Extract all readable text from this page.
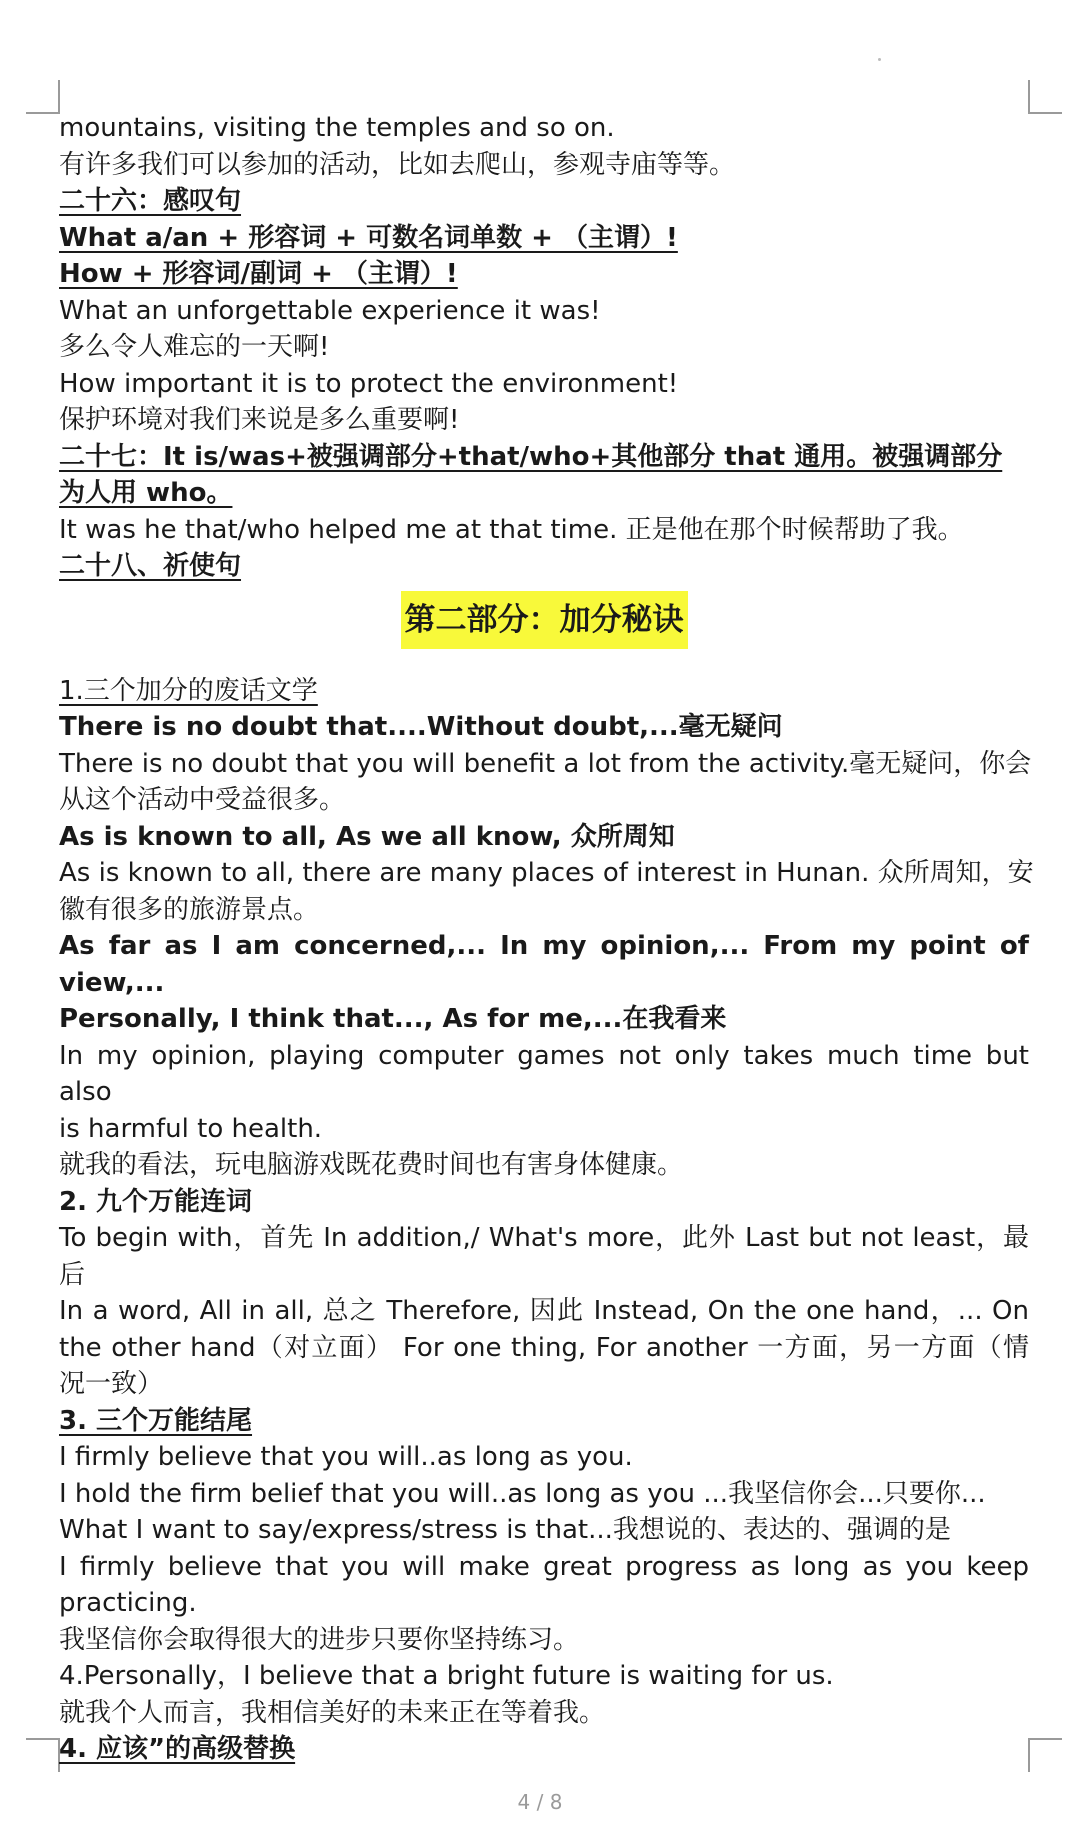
mountains, visiting the temples and so on.
有许多我们可以参加的活动，比如去爬山，参观寺庙等等。
二十六：感叹句
What a/an + 形容词 + 可数名词单数 + （主谓）!
How + 形容词/副词 + （主谓）!
What an unforgettable experience it was!
多么令人难忘的一天啊!
How important it is to protect the environment!
保护环境对我们来说是多么重要啊!
二十七：It is/was+被强调部分+that/who+其他部分 that 通用。被强调部分
为人用 who。
It was he that/who helped me at that time. 正是他在那个时候帮助了我。
二十八、祈使句
第二部分：加分秘诀
1.三个加分的废话文学
There is no doubt that....Without doubt,...毫无疑问
There is no doubt that you will benefit a lot from the activity.毫无疑问，你会
从这个活动中受益很多。
As is known to all, As we all know, 众所周知
As is known to all, there are many places of interest in Hunan. 众所周知，安
徽有很多的旅游景点。
As far as I am concerned,... In my opinion,... From my point of view,...
Personally, I think that..., As for me,...在我看来
In my opinion, playing computer games not only takes much time but also
is harmful to health.
就我的看法，玩电脑游戏既花费时间也有害身体健康。
2. 九个万能连词
To begin with，首先 In addition,/ What's more，此外 Last but not least，最
后
In a word, All in all, 总之 Therefore, 因此 Instead, On the one hand，... On
the other hand（对立面） For one thing, For another 一方面，另一方面（情
况一致）
3. 三个万能结尾
I firmly believe that you will..as long as you.
I hold the firm belief that you will..as long as you ...我坚信你会...只要你...
What I want to say/express/stress is that...我想说的、表达的、强调的是
I firmly believe that you will make great progress as long as you keep
practicing.
我坚信你会取得很大的进步只要你坚持练习。
4.Personally，I believe that a bright future is waiting for us.
就我个人而言，我相信美好的未来正在等着我。
4. 应该”的高级替换
4 / 8
